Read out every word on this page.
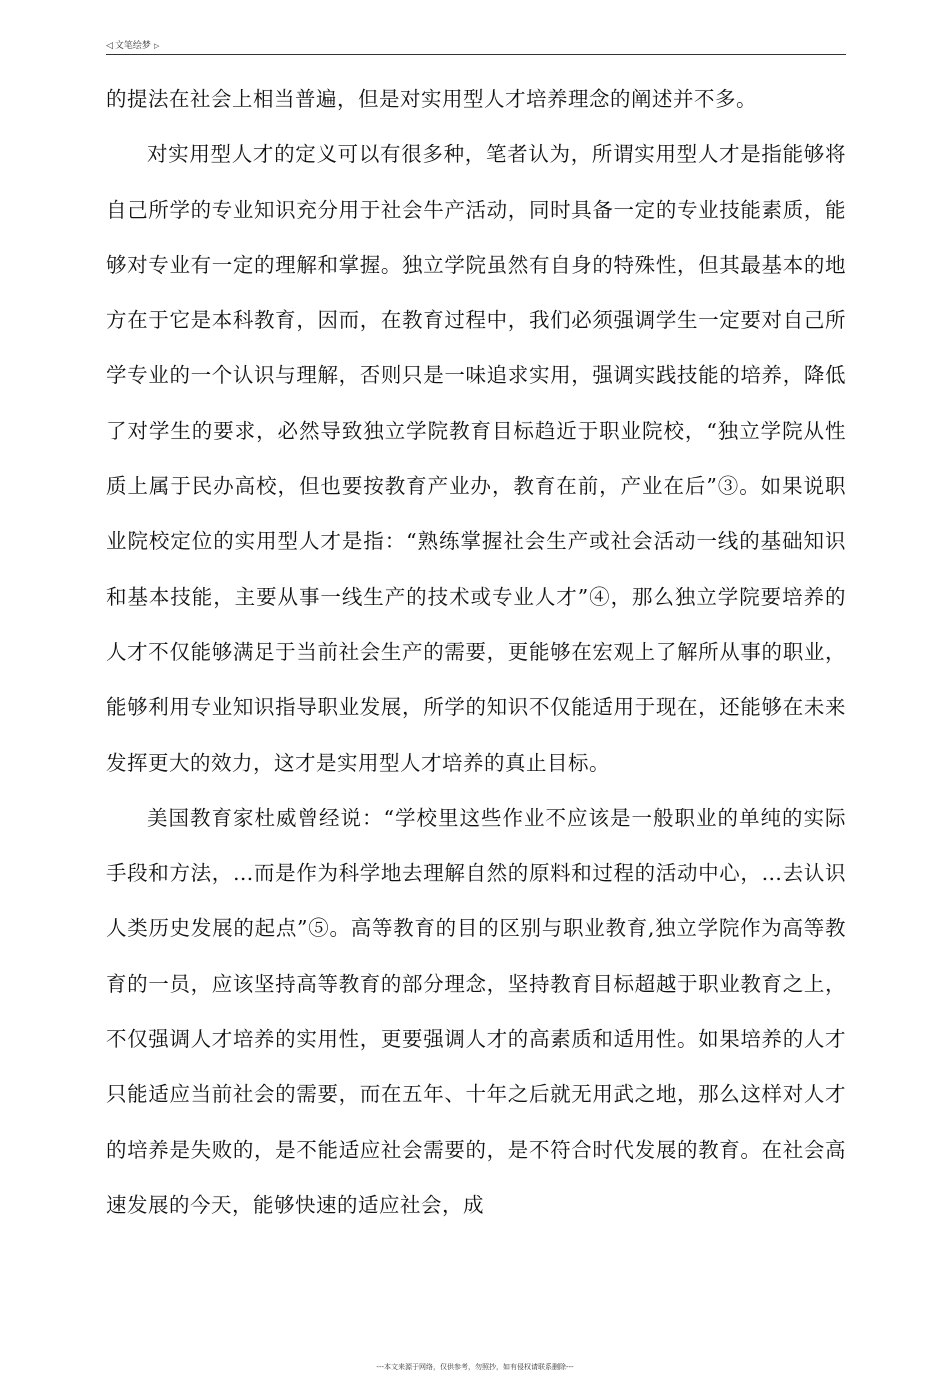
◁ 文笔绘梦 ▷

的提法在社会上相当普遍，但是对实用型人才培养理念的阐述并不多。

对实用型人才的定义可以有很多种，笔者认为，所谓实用型人才是指能够将自己所学的专业知识充分用于社会牛产活动，同时具备一定的专业技能素质，能够对专业有一定的理解和掌握。独立学院虽然有自身的特殊性，但其最基本的地方在于它是本科教育，因而，在教育过程中，我们必须强调学生一定要对自己所学专业的一个认识与理解，否则只是一味追求实用，强调实践技能的培养，降低了对学生的要求，必然导致独立学院教育目标趋近于职业院校，“独立学院从性质上属于民办高校，但也要按教育产业办，教育在前，产业在后”③。如果说职业院校定位的实用型人才是指：“熟练掌握社会生产或社会活动一线的基础知识和基本技能，主要从事一线生产的技术或专业人才”④，那么独立学院要培养的人才不仅能够满足于当前社会生产的需要，更能够在宏观上了解所从事的职业，能够利用专业知识指导职业发展，所学的知识不仅能适用于现在，还能够在未来发挥更大的效力，这才是实用型人才培养的真止目标。

美国教育家杜威曾经说：“学校里这些作业不应该是一般职业的单纯的实际手段和方法，…而是作为科学地去理解自然的原料和过程的活动中心，…去认识人类历史发展的起点”⑤。高等教育的目的区别与职业教育,独立学院作为高等教育的一员，应该坚持高等教育的部分理念，坚持教育目标超越于职业教育之上，不仅强调人才培养的实用性，更要强调人才的高素质和适用性。如果培养的人才只能适应当前社会的需要，而在五年、十年之后就无用武之地，那么这样对人才的培养是失败的，是不能适应社会需要的，是不符合时代发展的教育。在社会高速发展的今天，能够快速的适应社会，成

---本文来源于网络，仅供参考，勿照抄，如有侵权请联系删除---
